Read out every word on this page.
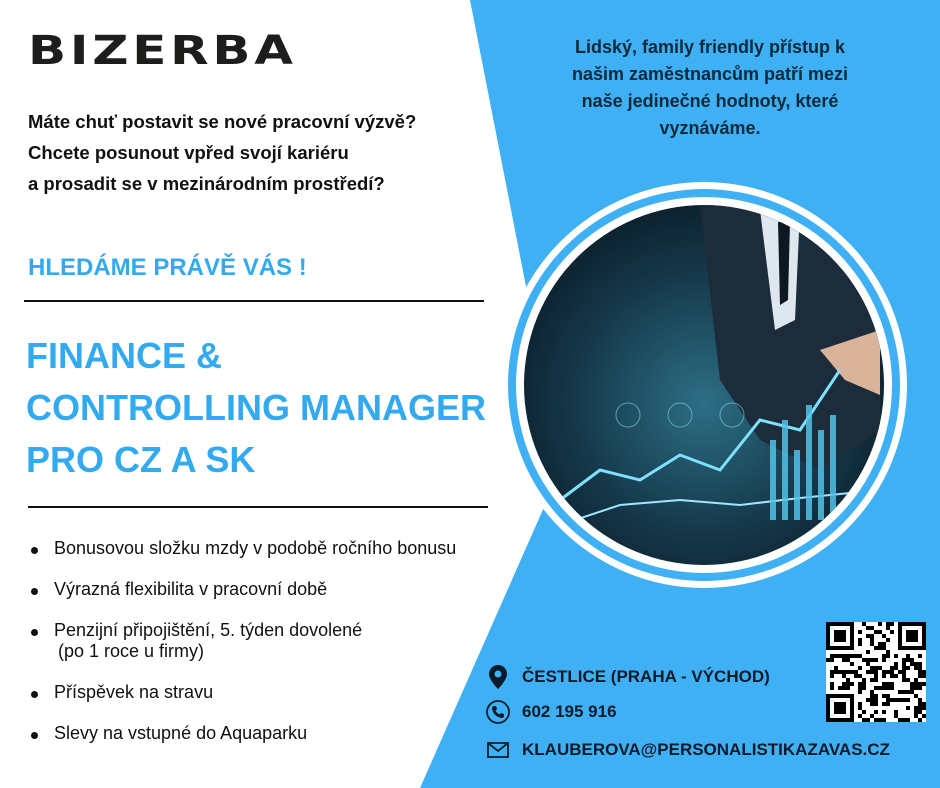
BIZERBA
Máte chuť postavit se nové pracovní výzvě?
Chcete posunout vpřed svojí kariéru
a prosadit se v mezinárodním prostředí?
Lidský, family friendly přístup k
našim zaměstnancům patří mezi
naše jedinečné hodnoty, které
vyznáváme.
HLEDÁME PRÁVĚ VÁS !
FINANCE &
CONTROLLING MANAGER
PRO CZ A SK
Bonusovou složku mzdy v podobě ročního bonusu
Výrazná flexibilita v pracovní době
Penzijní připojištění, 5. týden dovolené
(po 1 roce u firmy)
Příspěvek na stravu
Slevy na vstupné do Aquaparku
ČESTLICE (PRAHA - VÝCHOD)
602 195 916
KLAUBEROVA@PERSONALISTIKAZAVAS.CZ
